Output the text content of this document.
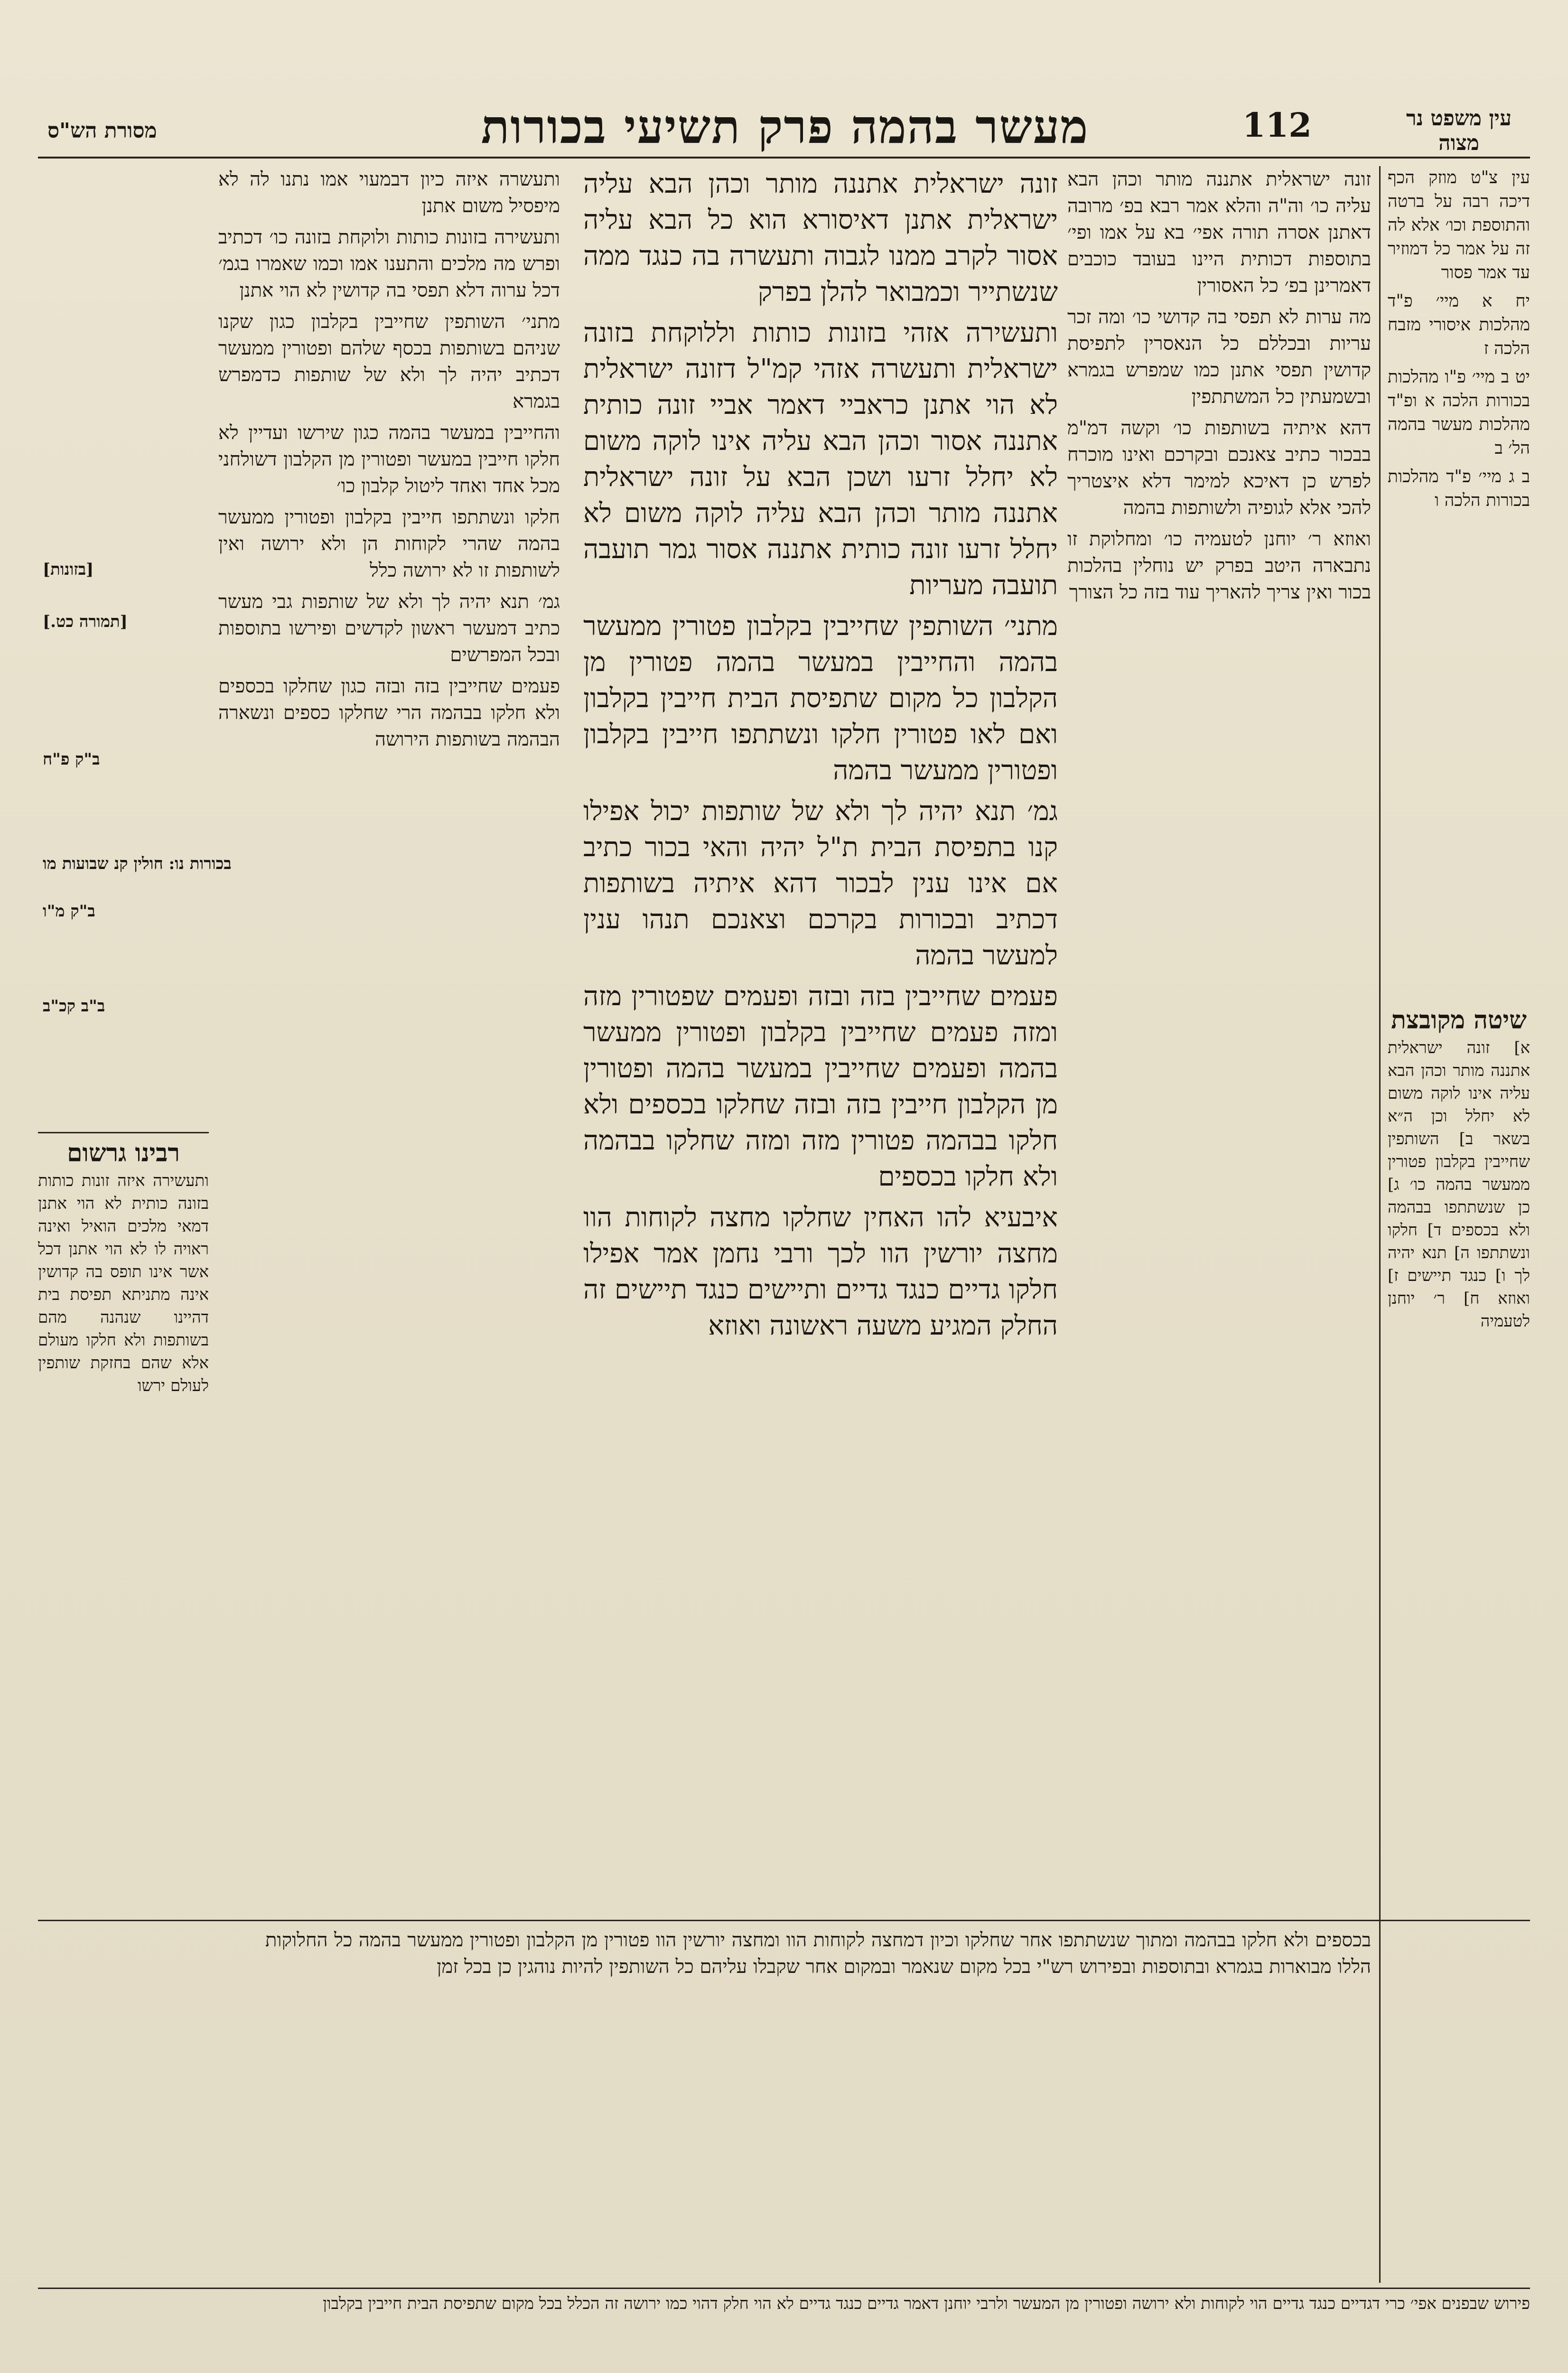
עין משפט נר מצוה
112
מעשר בהמה פרק תשיעי בכורות
מסורת הש"ס

עין צ"ט מוזק הכף דיכה רבה על ברטה והתוספת וכו׳ אלא לה זה על אמר כל דמוזיר עד אמר פסור

יח א מיי׳ פ"ד מהלכות איסורי מזבח הלכה ז

יט ב מיי׳ פ"ו מהלכות בכורות הלכה א ופ"ד מהלכות מעשר בהמה הל׳ ב

ב ג מיי׳ פ"ד מהלכות בכורות הלכה ו

שיטה מקובצת

א] זונה ישראלית אתננה מותר וכהן הבא עליה אינו לוקה משום לא יחלל וכן ה״א בשאר ב] השותפין שחייבין בקלבון פטורין ממעשר בהמה כו׳ ג] כן שנשתתפו בבהמה ולא בכספים ד] חלקו ונשתתפו ה] תנא יהיה לך ו] כנגד תיישים ז] ואוזא ח] ר׳ יוחנן לטעמיה

זונה ישראלית אתננה מותר וכהן הבא עליה כו׳ וה"ה והלא אמר רבא בפ׳ מרובה דאתנן אסרה תורה אפי׳ בא על אמו ופי׳ בתוספות דכותית היינו בעובד כוכבים דאמרינן בפ׳ כל האסורין

מה ערות לא תפסי בה קדושי כו׳ ומה זכר עריות ובכללם כל הנאסרין לתפיסת קדושין תפסי אתנן כמו שמפרש בגמרא ובשמעתין כל המשתתפין

דהא איתיה בשותפות כו׳ וקשה דמ"מ בבכור כתיב צאנכם ובקרכם ואינו מוכרח לפרש כן דאיכא למימר דלא איצטריך להכי אלא לגופיה ולשותפות בהמה

ואוזא ר׳ יוחנן לטעמיה כו׳ ומחלוקת זו נתבארה היטב בפרק יש נוחלין בהלכות בכור ואין צריך להאריך עוד בזה כל הצורך

זונה ישראלית אתננה מותר וכהן הבא עליה ישראלית אתנן דאיסורא הוא כל הבא עליה אסור לקרב ממנו לגבוה ותעשרה בה כנגד ממה שנשתייר וכמבואר להלן בפרק

ותעשירה אזהי בזונות כותות וללוקחת בזונה ישראלית ותעשרה אזהי קמ"ל דזונה ישראלית לא הוי אתנן כראביי דאמר אביי זונה כותית אתננה אסור וכהן הבא עליה אינו לוקה משום לא יחלל זרעו ושכן הבא על זונה ישראלית אתננה מותר וכהן הבא עליה לוקה משום לא יחלל זרעו זונה כותית אתננה אסור גמר תועבה תועבה מעריות

מתני׳ השותפין שחייבין בקלבון פטורין ממעשר בהמה והחייבין במעשר בהמה פטורין מן הקלבון כל מקום שתפיסת הבית חייבין בקלבון ואם לאו פטורין חלקו ונשתתפו חייבין בקלבון ופטורין ממעשר בהמה

גמ׳ תנא יהיה לך ולא של שותפות יכול אפילו קנו בתפיסת הבית ת"ל יהיה והאי בכור כתיב אם אינו ענין לבכור דהא איתיה בשותפות דכתיב ובכורות בקרכם וצאנכם תנהו ענין למעשר בהמה

פעמים שחייבין בזה ובזה ופעמים שפטורין מזה ומזה פעמים שחייבין בקלבון ופטורין ממעשר בהמה ופעמים שחייבין במעשר בהמה ופטורין מן הקלבון חייבין בזה ובזה שחלקו בכספים ולא חלקו בבהמה פטורין מזה ומזה שחלקו בבהמה ולא חלקו בכספים

איבעיא להו האחין שחלקו מחצה לקוחות הוו מחצה יורשין הוו לכך ורבי נחמן אמר אפילו חלקו גדיים כנגד גדיים ותיישים כנגד תיישים זה החלק המגיע משעה ראשונה ואוזא

ותעשרה איזה כיון דבמעוי אמו נתנו לה לא מיפסיל משום אתנן

ותעשירה בזונות כותות ולוקחת בזונה כו׳ דכתיב ופרש מה מלכים והתענו אמו וכמו שאמרו בגמ׳ דכל ערוה דלא תפסי בה קדושין לא הוי אתנן

מתני׳ השותפין שחייבין בקלבון כגון שקנו שניהם בשותפות בכסף שלהם ופטורין ממעשר דכתיב יהיה לך ולא של שותפות כדמפרש בגמרא

והחייבין במעשר בהמה כגון שירשו ועדיין לא חלקו חייבין במעשר ופטורין מן הקלבון דשולחני מכל אחד ואחד ליטול קלבון כו׳

חלקו ונשתתפו חייבין בקלבון ופטורין ממעשר בהמה שהרי לקוחות הן ולא ירושה ואין לשותפות זו לא ירושה כלל

גמ׳ תנא יהיה לך ולא של שותפות גבי מעשר כתיב דמעשר ראשון לקדשים ופירשו בתוספות ובכל המפרשים

פעמים שחייבין בזה ובזה כגון שחלקו בכספים ולא חלקו בבהמה הרי שחלקו כספים ונשארה הבהמה בשותפות הירושה

[בזונות]
[תמורה כט.]
ב"ק פ"ח
בכורות נו: חולין קנ שבועות מו
ב"ק מ"ו
ב"ב קכ"ב
רבינו גרשום

ותעשירה איזה זונות כותות בזונה כותית לא הוי אתנן דמאי מלכים הואיל ואינה ראויה לו לא הוי אתנן דכל אשר אינו תופס בה קדושין אינה מתניתא תפיסת בית דהיינו שנהנה מהם בשותפות ולא חלקו מעולם אלא שהם בחזקת שותפין לעולם ירשו

בכספים ולא חלקו בבהמה ומתוך שנשתתפו אחר שחלקו וכיון דמחצה לקוחות הוו ומחצה יורשין הוו פטורין מן הקלבון ופטורין ממעשר בהמה כל החלוקות הללו מבוארות בגמרא ובתוספות ובפירוש רש"י בכל מקום שנאמר ובמקום אחר שקבלו עליהם כל השותפין להיות נוהגין כן בכל זמן

פירוש שבפנים אפי׳ כרי דגדיים כנגד גדיים הוי לקוחות ולא ירושה ופטורין מן המעשר ולרבי יוחנן דאמר גדיים כנגד גדיים לא הוי חלק דהוי כמו ירושה זה הכלל בכל מקום שתפיסת הבית חייבין בקלבון
